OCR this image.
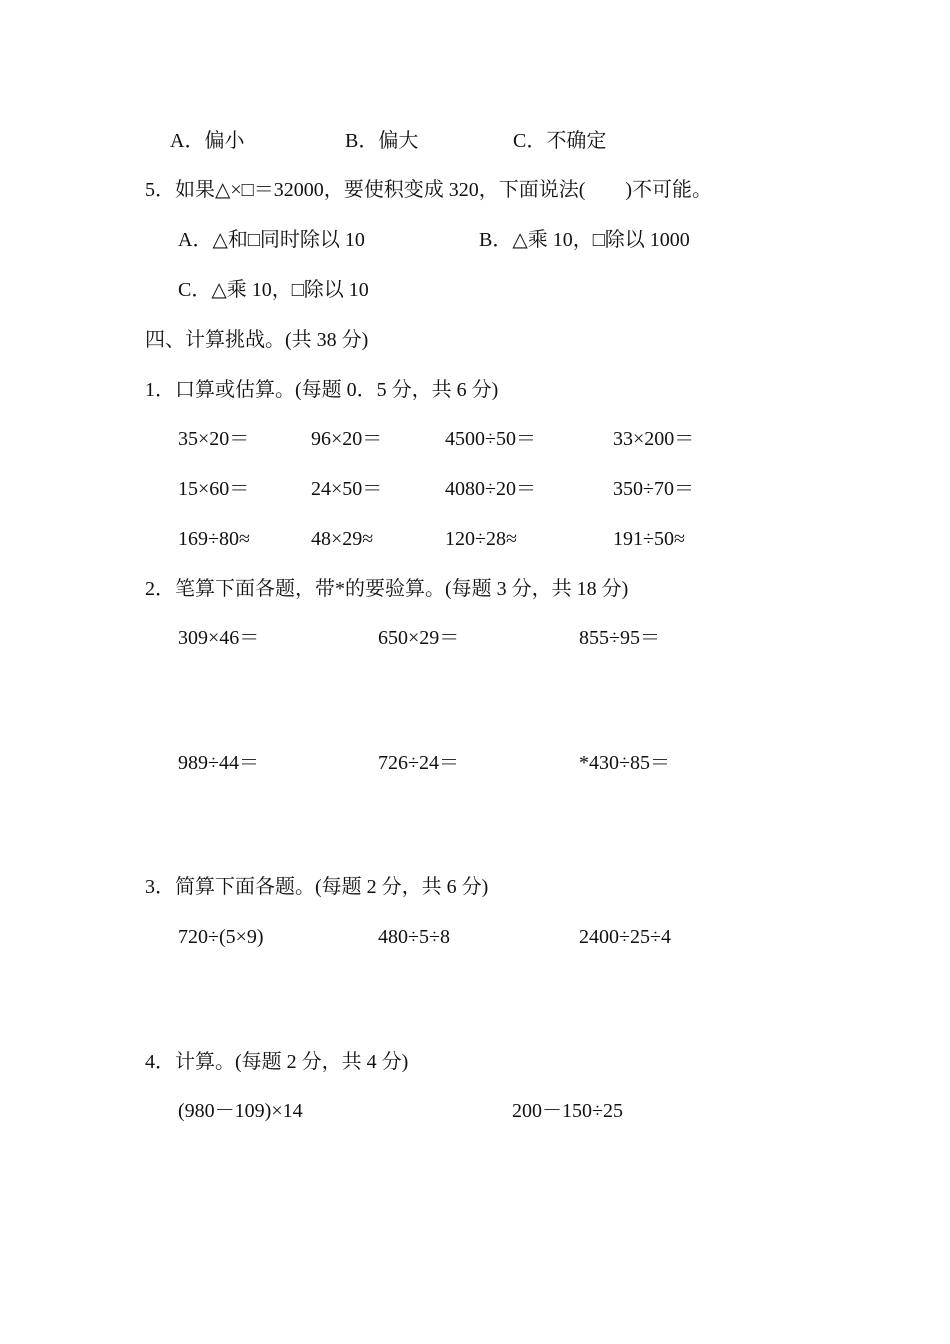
A．偏小	B．偏大	C．不确定
5．如果△×□＝32000，要使积变成 320，下面说法(　　)不可能。
A．△和□同时除以 10	B．△乘 10，□除以 1000
C．△乘 10，□除以 10
四、计算挑战。(共 38 分)
1．口算或估算。(每题 0．5 分，共 6 分)
35×20＝	96×20＝	4500÷50＝	33×200＝
15×60＝	24×50＝	4080÷20＝	350÷70＝
169÷80≈	48×29≈	120÷28≈	191÷50≈
2．笔算下面各题，带*的要验算。(每题 3 分，共 18 分)
309×46＝	650×29＝	855÷95＝
989÷44＝	726÷24＝	*430÷85＝
3．简算下面各题。(每题 2 分，共 6 分)
720÷(5×9)	480÷5÷8	2400÷25÷4
4．计算。(每题 2 分，共 4 分)
(980－109)×14	200－150÷25
